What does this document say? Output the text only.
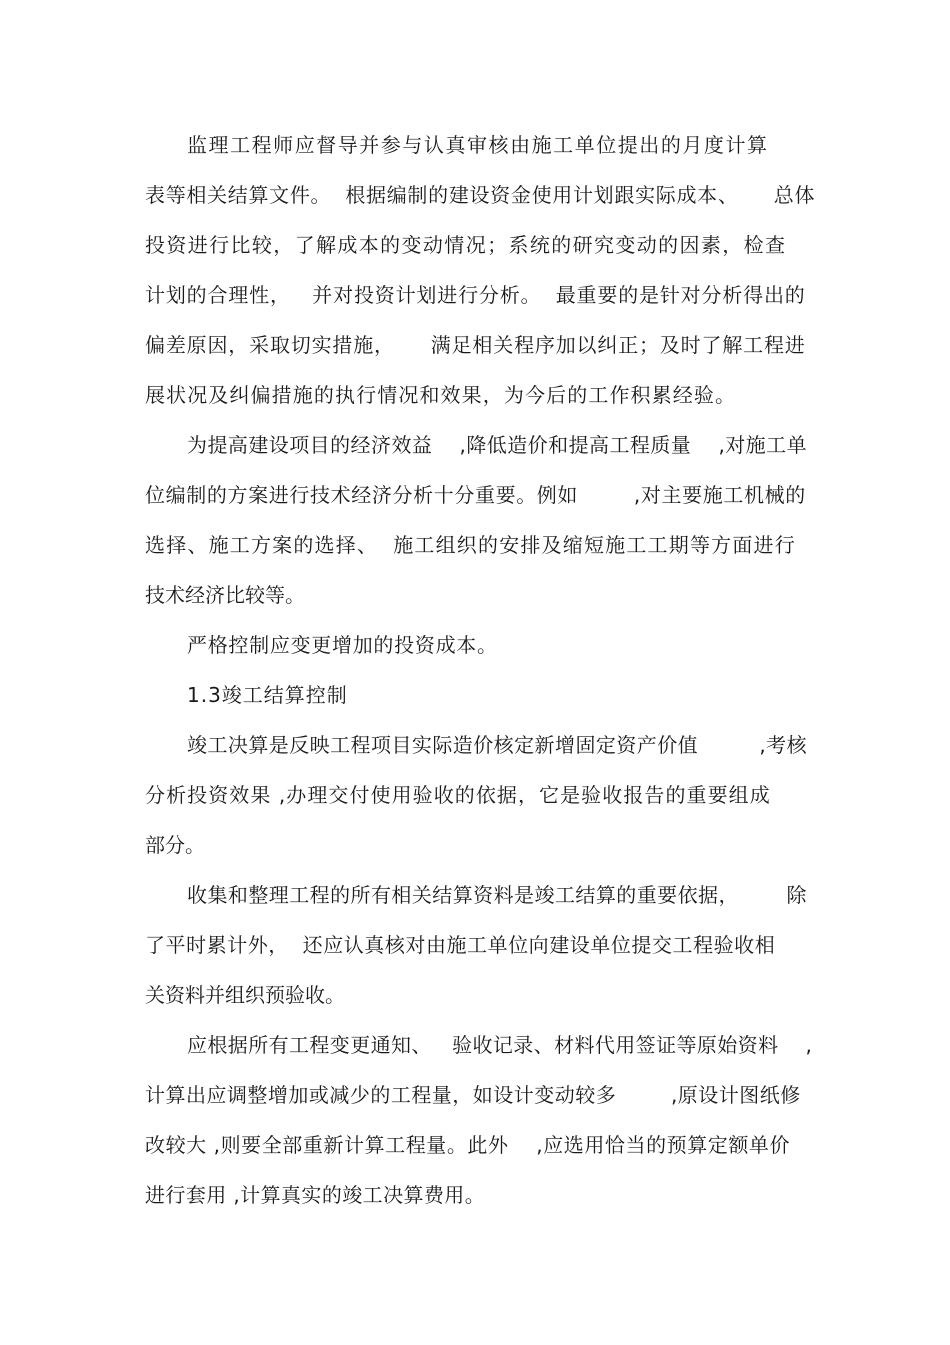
监理工程师应督导并参与认真审核由施工单位提出的月度计算
表等相关结算文件。  根据编制的建设资金使用计划跟实际成本、     总体
投资进行比较，了解成本的变动情况；系统的研究变动的因素，检查
计划的合理性，   并对投资计划进行分析。  最重要的是针对分析得出的
偏差原因，采取切实措施，     满足相关程序加以纠正；及时了解工程进
展状况及纠偏措施的执行情况和效果，为今后的工作积累经验。
为提高建设项目的经济效益    ,降低造价和提高工程质量    ,对施工单
位编制的方案进行技术经济分析十分重要。例如        ,对主要施工机械的
选择、施工方案的选择、  施工组织的安排及缩短施工工期等方面进行
技术经济比较等。
严格控制应变更增加的投资成本。
1.3竣工结算控制
竣工决算是反映工程项目实际造价核定新增固定资产价值         ,考核
分析投资效果 ,办理交付使用验收的依据，它是验收报告的重要组成
部分。
收集和整理工程的所有相关结算资料是竣工结算的重要依据，       除
了平时累计外，  还应认真核对由施工单位向建设单位提交工程验收相
关资料并组织预验收。
应根据所有工程变更通知、   验收记录、材料代用签证等原始资料    ,
计算出应调整增加或减少的工程量，如设计变动较多        ,原设计图纸修
改较大 ,则要全部重新计算工程量。此外    ,应选用恰当的预算定额单价
进行套用 ,计算真实的竣工决算费用。
